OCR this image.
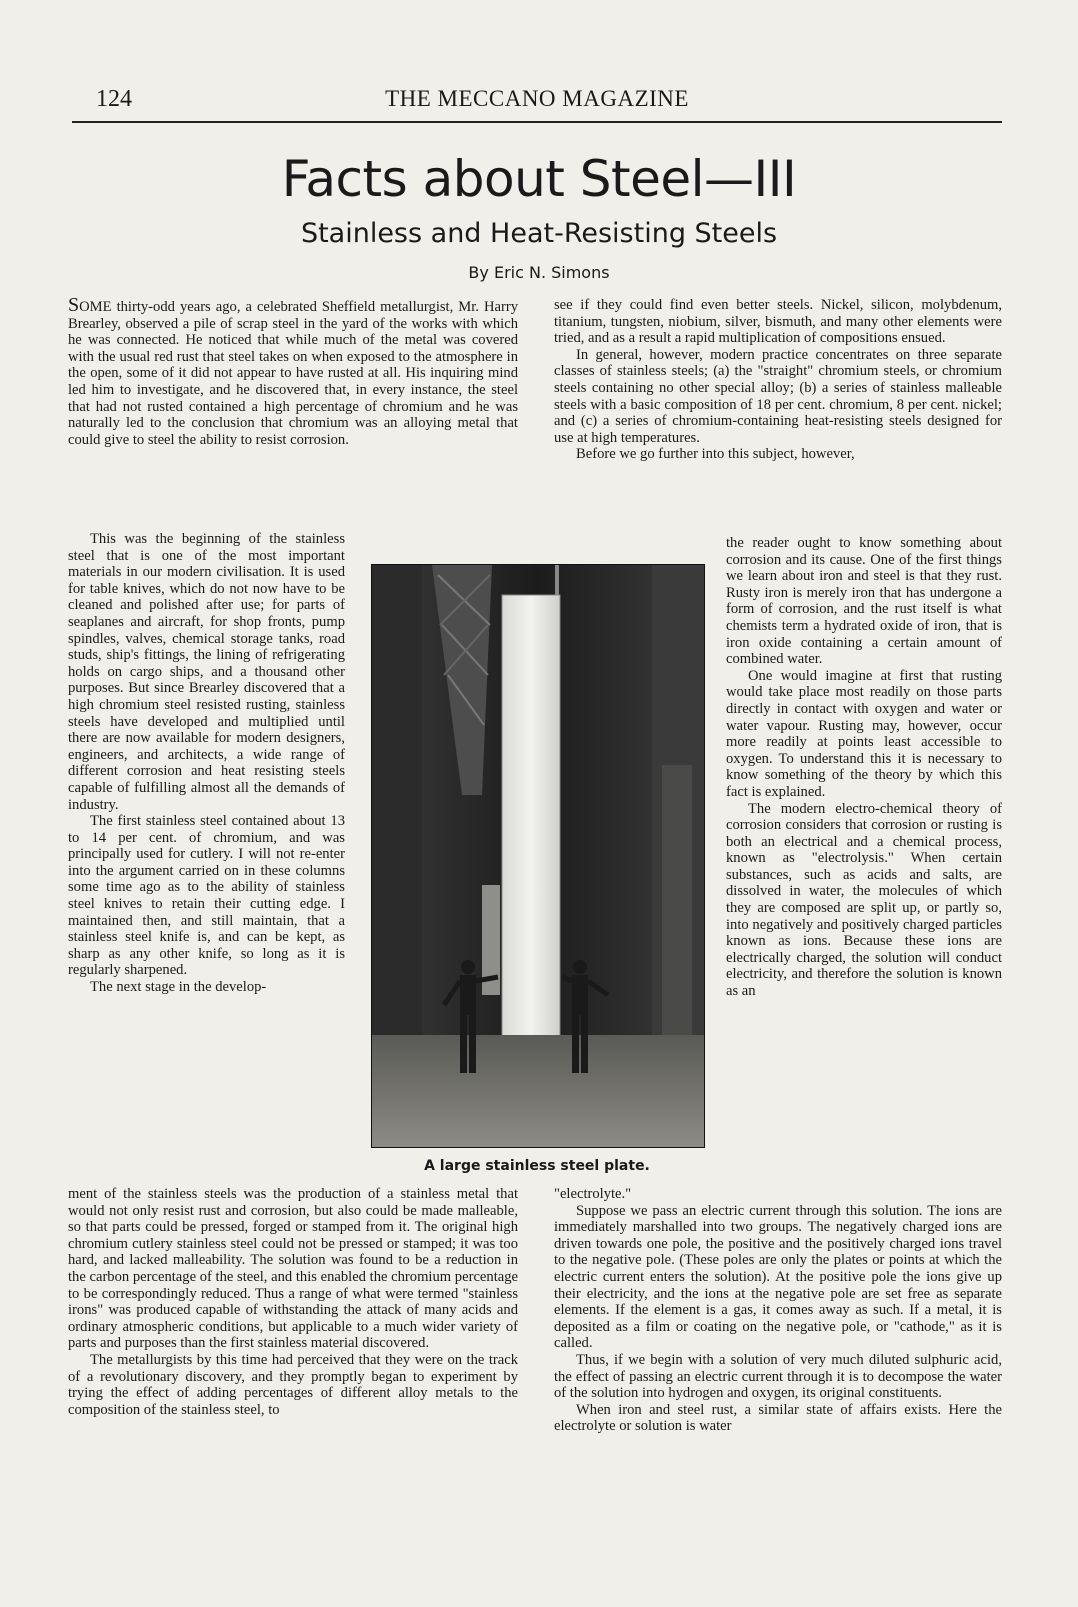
124	THE MECCANO MAGAZINE
Facts about Steel—III
Stainless and Heat-Resisting Steels
By Eric N. Simons

SOME thirty-odd years ago, a celebrated Sheffield metallurgist, Mr. Harry Brearley, observed a pile of scrap steel in the yard of the works with which he was connected. He noticed that while much of the metal was covered with the usual red rust that steel takes on when exposed to the atmosphere in the open, some of it did not appear to have rusted at all. His inquiring mind led him to investigate, and he discovered that, in every instance, the steel that had not rusted contained a high percentage of chromium and he was naturally led to the conclusion that chromium was an alloying metal that could give to steel the ability to resist corrosion.

This was the beginning of the stainless steel that is one of the most important materials in our modern civilisation. It is used for table knives, which do not now have to be cleaned and polished after use; for parts of seaplanes and aircraft, for shop fronts, pump spindles, valves, chemical storage tanks, road studs, ship's fittings, the lining of refrigerating holds on cargo ships, and a thousand other purposes. But since Brearley discovered that a high chromium steel resisted rusting, stainless steels have developed and multiplied until there are now available for modern designers, engineers, and architects, a wide range of different corrosion and heat resisting steels capable of fulfilling almost all the demands of industry.

The first stainless steel contained about 13 to 14 per cent. of chromium, and was principally used for cutlery. I will not re-enter into the argument carried on in these columns some time ago as to the ability of stainless steel knives to retain their cutting edge. I maintained then, and still maintain, that a stainless steel knife is, and can be kept, as sharp as any other knife, so long as it is regularly sharpened.

The next stage in the develop-

ment of the stainless steels was the production of a stainless metal that would not only resist rust and corrosion, but also could be made malleable, so that parts could be pressed, forged or stamped from it. The original high chromium cutlery stainless steel could not be pressed or stamped; it was too hard, and lacked malleability. The solution was found to be a reduction in the carbon percentage of the steel, and this enabled the chromium percentage to be correspondingly reduced. Thus a range of what were termed "stainless irons" was produced capable of withstanding the attack of many acids and ordinary atmospheric conditions, but applicable to a much wider variety of parts and purposes than the first stainless material discovered.

The metallurgists by this time had perceived that they were on the track of a revolutionary discovery, and they promptly began to experiment by trying the effect of adding percentages of different alloy metals to the composition of the stainless steel, to

see if they could find even better steels. Nickel, silicon, molybdenum, titanium, tungsten, niobium, silver, bismuth, and many other elements were tried, and as a result a rapid multiplication of compositions ensued.

In general, however, modern practice concentrates on three separate classes of stainless steels; (a) the "straight" chromium steels, or chromium steels containing no other special alloy; (b) a series of stainless malleable steels with a basic composition of 18 per cent. chromium, 8 per cent. nickel; and (c) a series of chromium-containing heat-resisting steels designed for use at high temperatures.

Before we go further into this subject, however,

the reader ought to know something about corrosion and its cause. One of the first things we learn about iron and steel is that they rust. Rusty iron is merely iron that has undergone a form of corrosion, and the rust itself is what chemists term a hydrated oxide of iron, that is iron oxide containing a certain amount of combined water.

One would imagine at first that rusting would take place most readily on those parts directly in contact with oxygen and water or water vapour. Rusting may, however, occur more readily at points least accessible to oxygen. To understand this it is necessary to know something of the theory by which this fact is explained.

The modern electro-chemical theory of corrosion considers that corrosion or rusting is both an electrical and a chemical process, known as "electrolysis." When certain substances, such as acids and salts, are dissolved in water, the molecules of which they are composed are split up, or partly so, into negatively and positively charged particles known as ions. Because these ions are electrically charged, the solution will conduct electricity, and therefore the solution is known as an

"electrolyte."

Suppose we pass an electric current through this solution. The ions are immediately marshalled into two groups. The negatively charged ions are driven towards one pole, the positive and the positively charged ions travel to the negative pole. (These poles are only the plates or points at which the electric current enters the solution). At the positive pole the ions give up their electricity, and the ions at the negative pole are set free as separate elements. If the element is a gas, it comes away as such. If a metal, it is deposited as a film or coating on the negative pole, or "cathode," as it is called.

Thus, if we begin with a solution of very much diluted sulphuric acid, the effect of passing an electric current through it is to decompose the water of the solution into hydrogen and oxygen, its original constituents.

When iron and steel rust, a similar state of affairs exists. Here the electrolyte or solution is water

A large stainless steel plate.
